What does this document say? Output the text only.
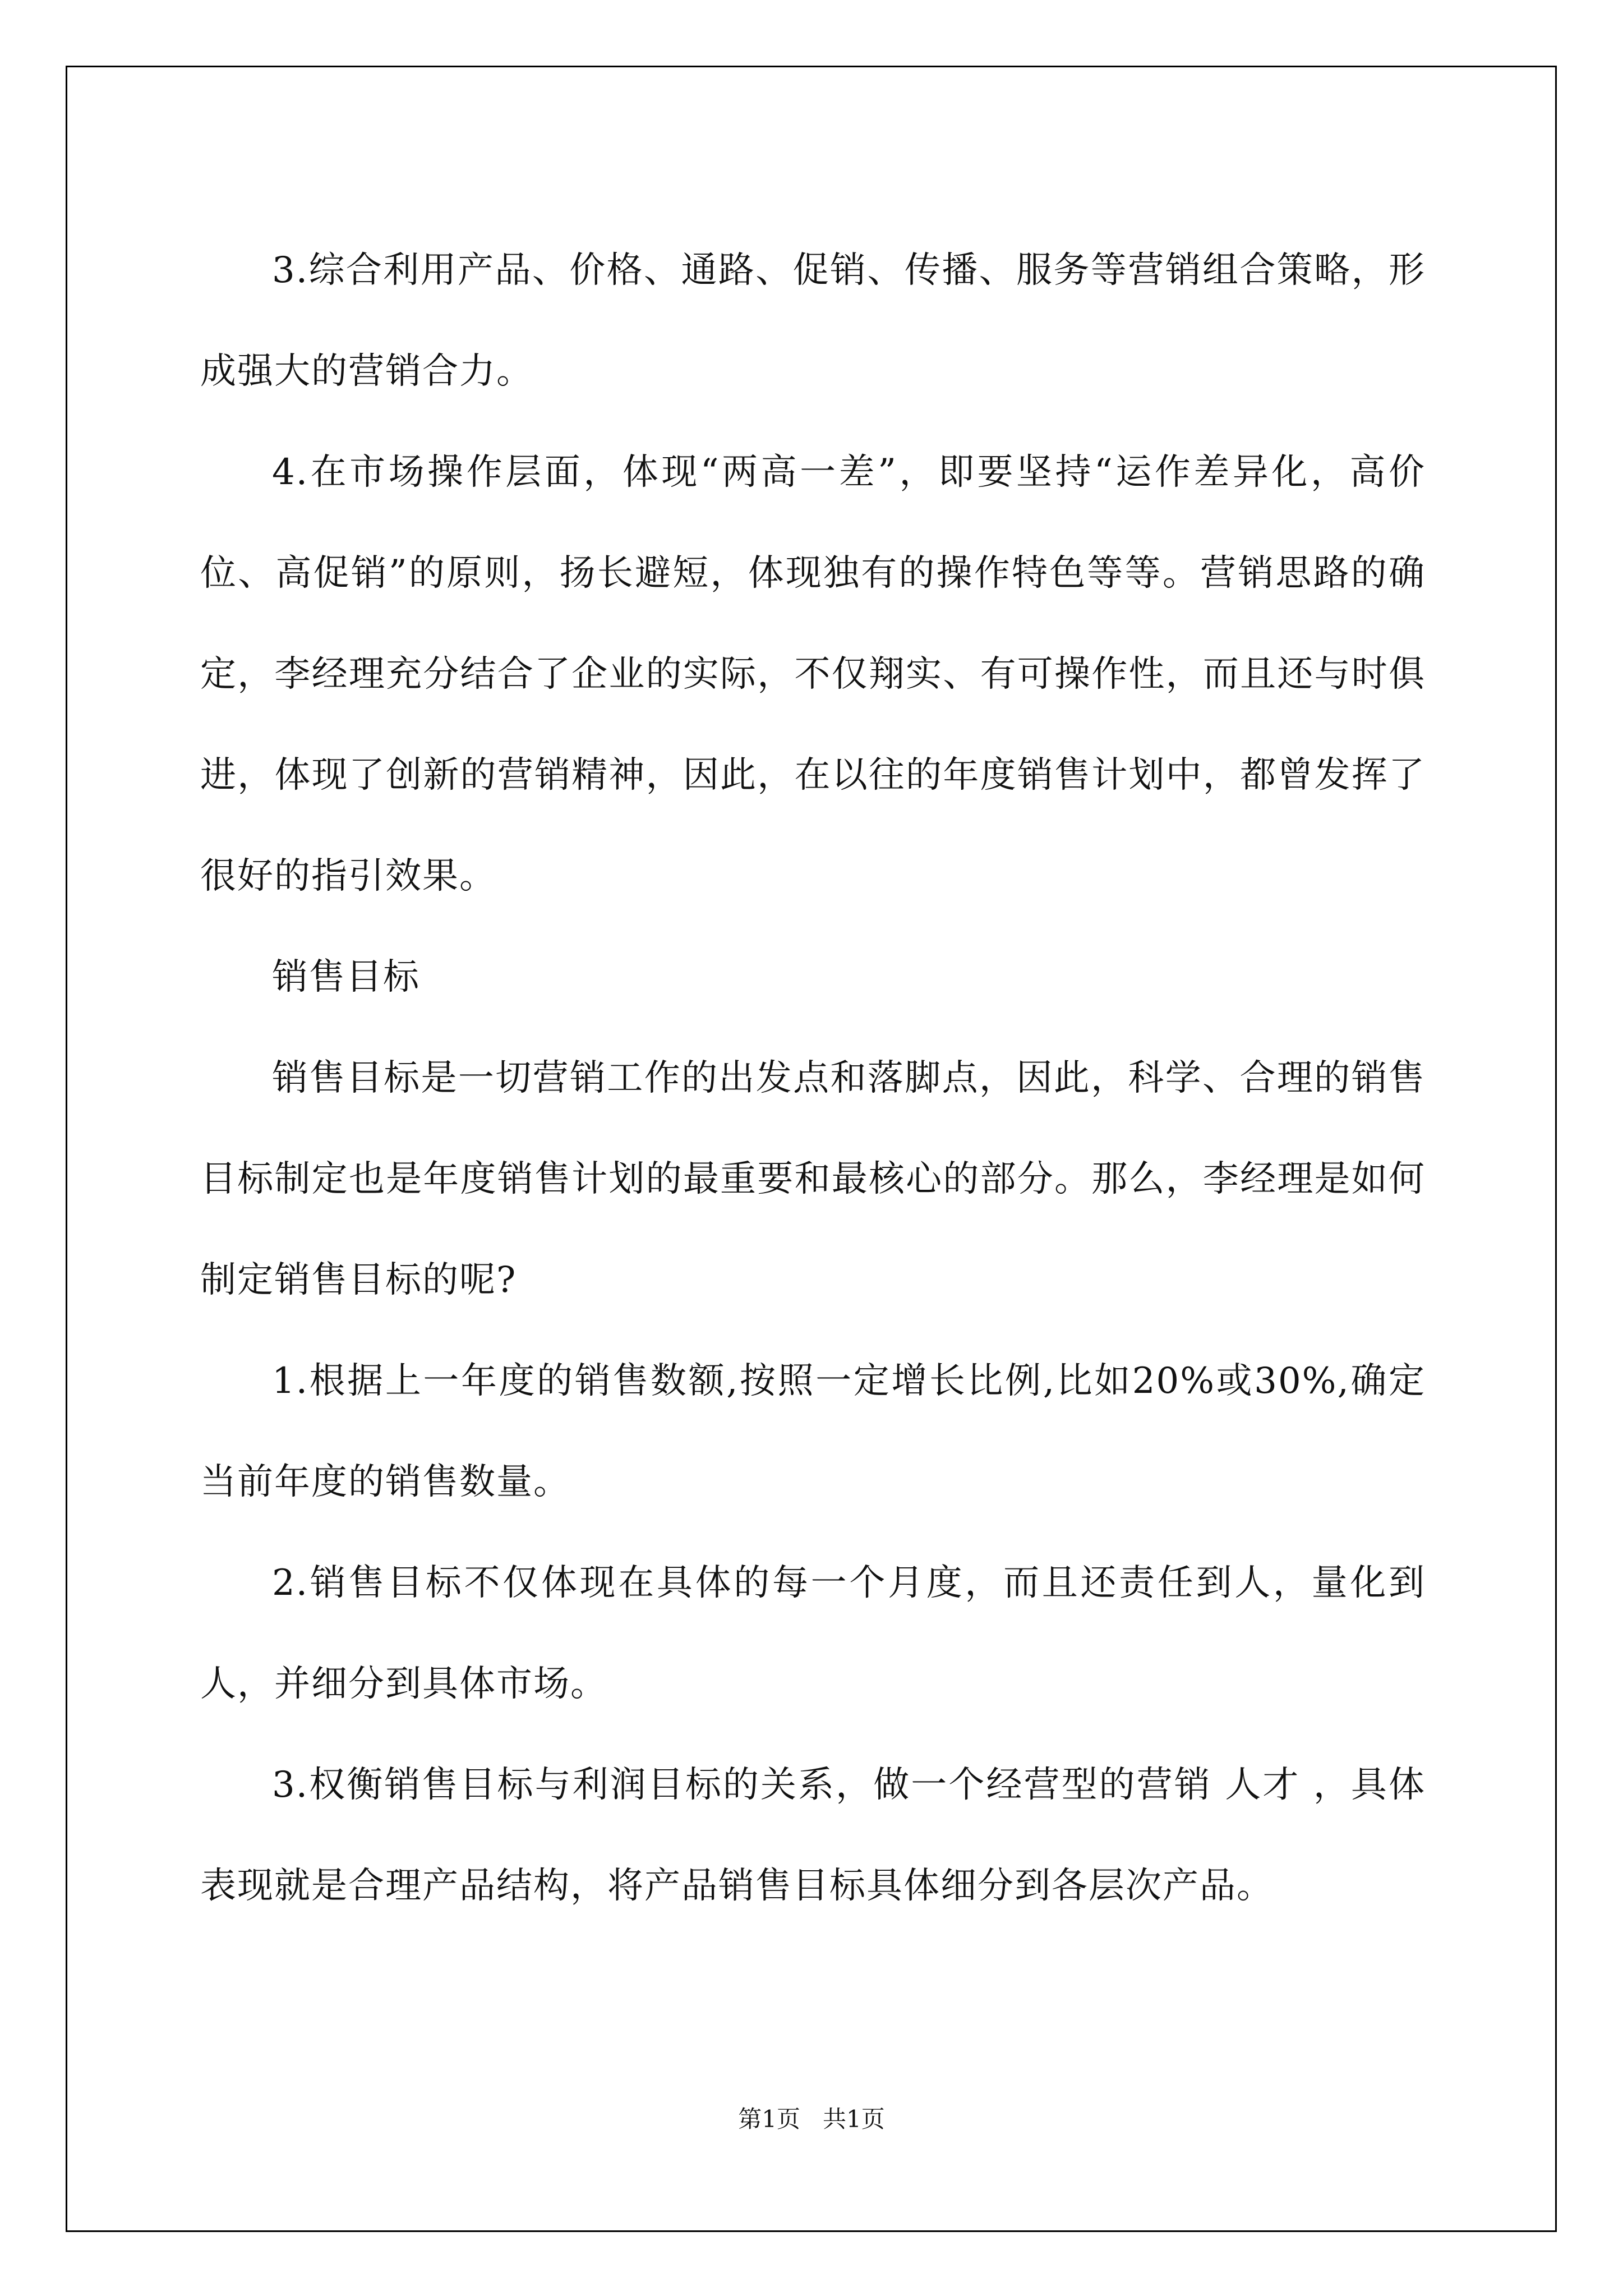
3.综合利用产品、价格、通路、促销、传播、服务等营销组合策略，形成强大的营销合力。

4.在市场操作层面，体现“两高一差”，即要坚持“运作差异化，高价位、高促销”的原则，扬长避短，体现独有的操作特色等等。营销思路的确定，李经理充分结合了企业的实际，不仅翔实、有可操作性，而且还与时俱进，体现了创新的营销精神，因此，在以往的年度销售计划中，都曾发挥了很好的指引效果。

销售目标

销售目标是一切营销工作的出发点和落脚点，因此，科学、合理的销售目标制定也是年度销售计划的最重要和最核心的部分。那么，李经理是如何制定销售目标的呢?

1.根据上一年度的销售数额,按照一定增长比例,比如20%或30%,确定当前年度的销售数量。

2.销售目标不仅体现在具体的每一个月度，而且还责任到人，量化到人，并细分到具体市场。

3.权衡销售目标与利润目标的关系，做一个经营型的营销 人才 ，具体表现就是合理产品结构，将产品销售目标具体细分到各层次产品。

第1页   共1页
